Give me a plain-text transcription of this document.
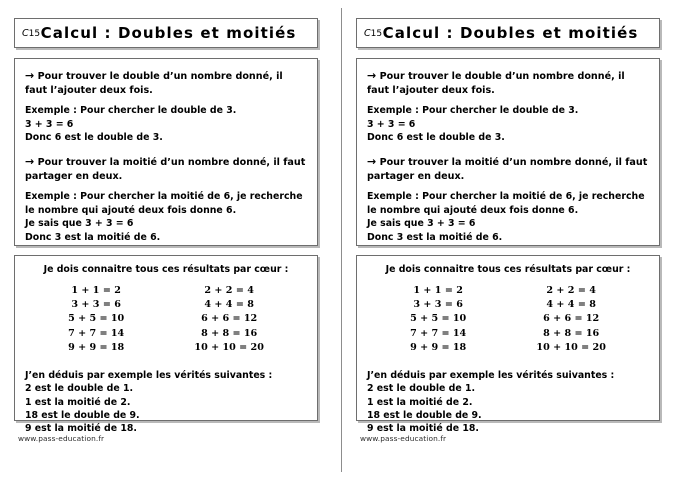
C15 Calcul : Doubles et moitiés

→ Pour trouver le double d’un nombre donné, il faut l’ajouter deux fois.

Exemple : Pour chercher le double de 3.

3 + 3 = 6

Donc 6 est le double de 3.

→ Pour trouver la moitié d’un nombre donné, il faut partager en deux.

Exemple : Pour chercher la moitié de 6, je recherche le nombre qui ajouté deux fois donne 6.

Je sais que 3 + 3 = 6

Donc 3 est la moitié de 6.

Je dois connaitre tous ces résultats par cœur :

1 + 1 = 2
3 + 3 = 6
5 + 5 = 10
7 + 7 = 14
9 + 9 = 18
2 + 2 = 4
4 + 4 = 8
6 + 6 = 12
8 + 8 = 16
10 + 10 = 20

J’en déduis par exemple les vérités suivantes :

2 est le double de 1.

1 est la moitié de 2.

18 est le double de 9.

9 est la moitié de 18.

www.pass-education.fr
C15 Calcul : Doubles et moitiés

→ Pour trouver le double d’un nombre donné, il faut l’ajouter deux fois.

Exemple : Pour chercher le double de 3.

3 + 3 = 6

Donc 6 est le double de 3.

→ Pour trouver la moitié d’un nombre donné, il faut partager en deux.

Exemple : Pour chercher la moitié de 6, je recherche le nombre qui ajouté deux fois donne 6.

Je sais que 3 + 3 = 6

Donc 3 est la moitié de 6.

Je dois connaitre tous ces résultats par cœur :

1 + 1 = 2
3 + 3 = 6
5 + 5 = 10
7 + 7 = 14
9 + 9 = 18
2 + 2 = 4
4 + 4 = 8
6 + 6 = 12
8 + 8 = 16
10 + 10 = 20

J’en déduis par exemple les vérités suivantes :

2 est le double de 1.

1 est la moitié de 2.

18 est le double de 9.

9 est la moitié de 18.

www.pass-education.fr
